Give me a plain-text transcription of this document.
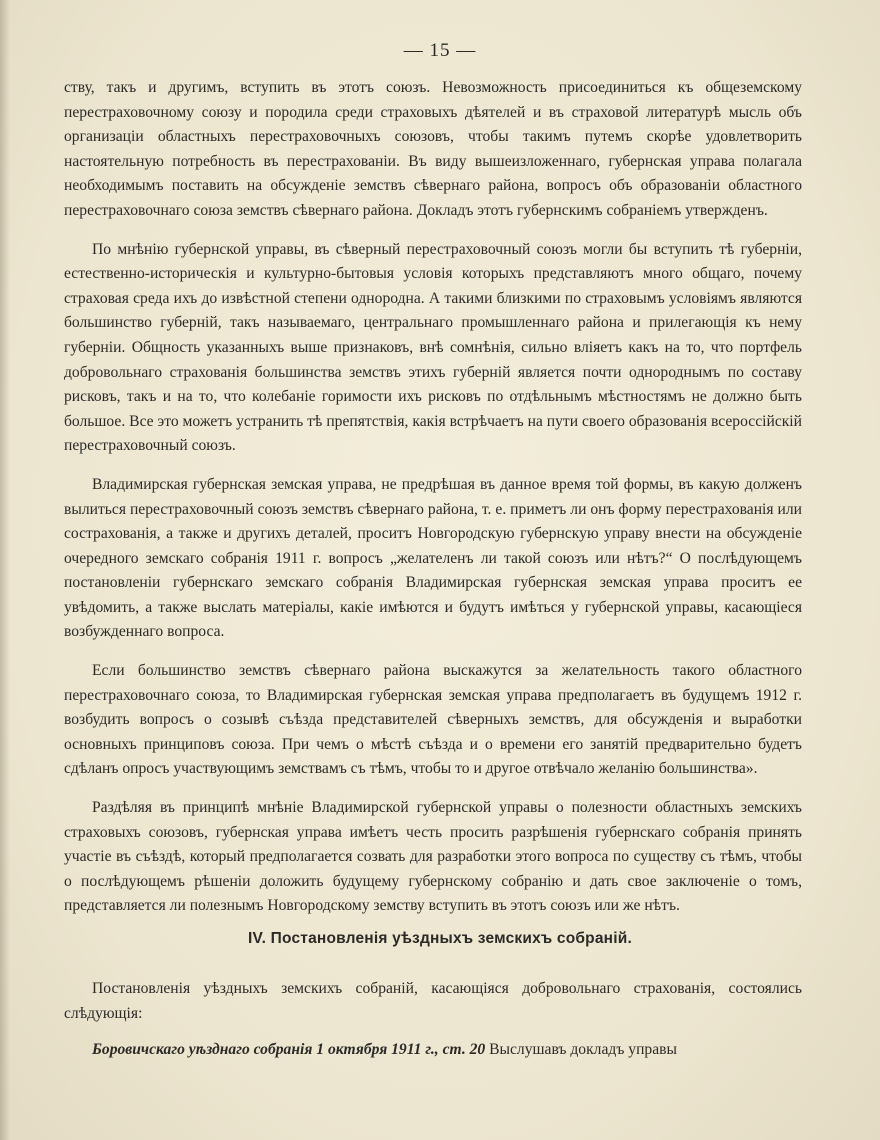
— 15 —

ству, такъ и другимъ, вступить въ этотъ союзъ. Невозможность присоединиться къ общеземскому перестраховочному союзу и породила среди страховыхъ дѣятелей и въ страховой литературѣ мысль объ организаціи областныхъ перестраховочныхъ союзовъ, чтобы такимъ путемъ скорѣе удовлетворить настоятельную потребность въ перестрахованіи. Въ виду вышеизложеннаго, губернская управа полагала необходимымъ поставить на обсужденіе земствъ сѣвернаго района, вопросъ объ образованіи областного перестраховочнаго союза земствъ сѣвернаго района. Докладъ этотъ губернскимъ собраніемъ утвержденъ.

По мнѣнію губернской управы, въ сѣверный перестраховочный союзъ могли бы вступить тѣ губерніи, естественно-историческія и культурно-бытовыя условія которыхъ представляютъ много общаго, почему страховая среда ихъ до извѣстной степени однородна. А такими близкими по страховымъ условіямъ являются большинство губерній, такъ называемаго, центральнаго промышленнаго района и прилегающія къ нему губерніи. Общность указанныхъ выше признаковъ, внѣ сомнѣнія, сильно вліяетъ какъ на то, что портфель добровольнаго страхованія большинства земствъ этихъ губерній является почти однороднымъ по составу рисковъ, такъ и на то, что колебаніе горимости ихъ рисковъ по отдѣльнымъ мѣстностямъ не должно быть большое. Все это можетъ устранить тѣ препятствія, какія встрѣчаетъ на пути своего образованія всероссійскій перестраховочный союзъ.

Владимирская губернская земская управа, не предрѣшая въ данное время той формы, въ какую долженъ вылиться перестраховочный союзъ земствъ сѣвернаго района, т. е. приметъ ли онъ форму перестрахованія или сострахованія, а также и другихъ деталей, проситъ Новгородскую губернскую управу внести на обсужденіе очередного земскаго собранія 1911 г. вопросъ „желателенъ ли такой союзъ или нѣтъ?“ О послѣдующемъ постановленіи губернскаго земскаго собранія Владимирская губернская земская управа проситъ ее увѣдомить, а также выслать матеріалы, какіе имѣются и будутъ имѣться у губернской управы, касающіеся возбужденнаго вопроса.

Если большинство земствъ сѣвернаго района выскажутся за желательность такого областного перестраховочнаго союза, то Владимирская губернская земская управа предполагаетъ въ будущемъ 1912 г. возбудить вопросъ о созывѣ съѣзда представителей сѣверныхъ земствъ, для обсужденія и выработки основныхъ принциповъ союза. При чемъ о мѣстѣ съѣзда и о времени его занятій предварительно будетъ сдѣланъ опросъ участвующимъ земствамъ съ тѣмъ, чтобы то и другое отвѣчало желанію большинства».

Раздѣляя въ принципѣ мнѣніе Владимирской губернской управы о полезности областныхъ земскихъ страховыхъ союзовъ, губернская управа имѣетъ честь просить разрѣшенія губернскаго собранія принять участіе въ съѣздѣ, который предполагается созвать для разработки этого вопроса по существу съ тѣмъ, чтобы о послѣдующемъ рѣшеніи доложить будущему губернскому собранію и дать свое заключеніе о томъ, представляется ли полезнымъ Новгородскому земству вступить въ этотъ союзъ или же нѣтъ.

IV. Постановленія уѣздныхъ земскихъ собраній.

Постановленія уѣздныхъ земскихъ собраній, касающіяся добровольнаго страхованія, состоялись слѣдующія:

Боровичскаго уѣзднаго собранія 1 октября 1911 г., ст. 20 Выслушавъ докладъ управы
